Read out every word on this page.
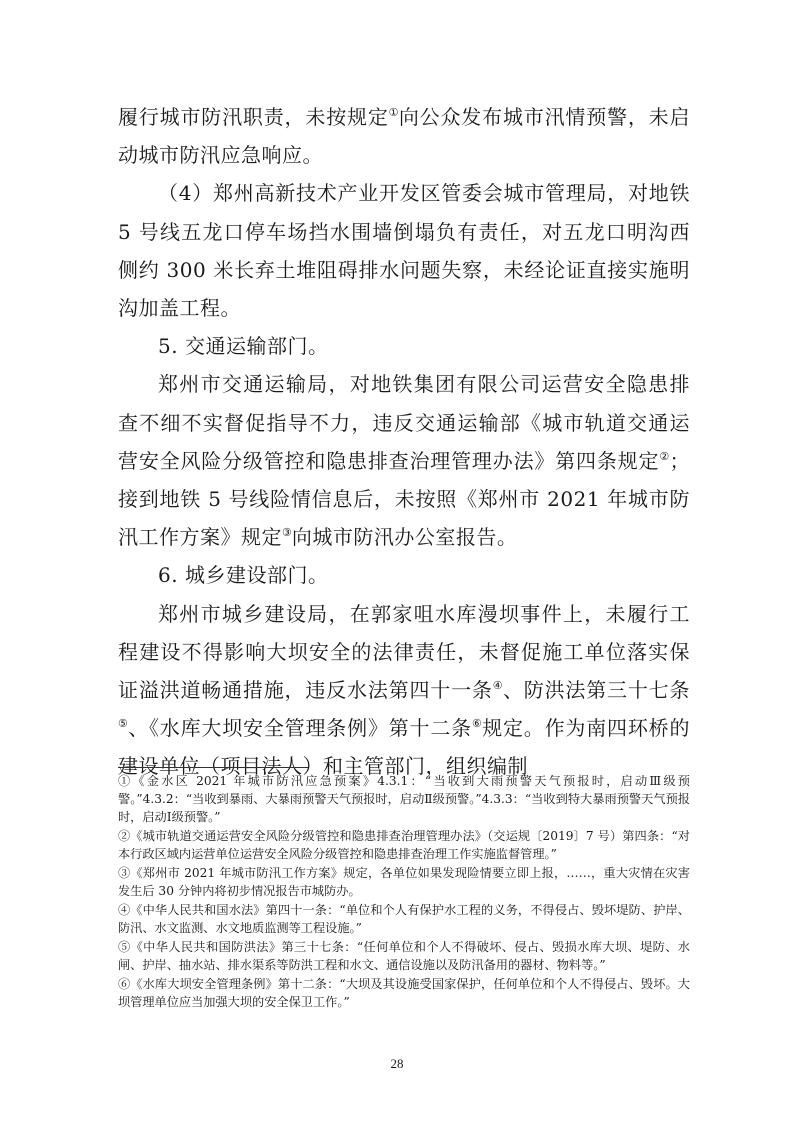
履行城市防汛职责，未按规定①向公众发布城市汛情预警，未启动城市防汛应急响应。

（4）郑州高新技术产业开发区管委会城市管理局，对地铁 5 号线五龙口停车场挡水围墙倒塌负有责任，对五龙口明沟西侧约 300 米长弃土堆阻碍排水问题失察，未经论证直接实施明沟加盖工程。

5. 交通运输部门。

郑州市交通运输局，对地铁集团有限公司运营安全隐患排查不细不实督促指导不力，违反交通运输部《城市轨道交通运营安全风险分级管控和隐患排查治理管理办法》第四条规定②；接到地铁 5 号线险情信息后，未按照《郑州市 2021 年城市防汛工作方案》规定③向城市防汛办公室报告。

6. 城乡建设部门。

郑州市城乡建设局，在郭家咀水库漫坝事件上，未履行工程建设不得影响大坝安全的法律责任，未督促施工单位落实保证溢洪道畅通措施，违反水法第四十一条④、防洪法第三十七条⑤、《水库大坝安全管理条例》第十二条⑥规定。作为南四环桥的建设单位（项目法人）和主管部门，组织编制

①《金水区 2021 年城市防汛应急预案》4.3.1：“当收到大雨预警天气预报时，启动Ⅲ级预警。”4.3.2：“当收到暴雨、大暴雨预警天气预报时，启动Ⅱ级预警。”4.3.3：“当收到特大暴雨预警天气预报时，启动Ⅰ级预警。”

②《城市轨道交通运营安全风险分级管控和隐患排查治理管理办法》（交运规〔2019〕7 号）第四条：“对本行政区域内运营单位运营安全风险分级管控和隐患排查治理工作实施监督管理。”

③《郑州市 2021 年城市防汛工作方案》规定，各单位如果发现险情要立即上报，……，重大灾情在灾害发生后 30 分钟内将初步情况报告市城防办。

④《中华人民共和国水法》第四十一条：“单位和个人有保护水工程的义务，不得侵占、毁坏堤防、护岸、防汛、水文监测、水文地质监测等工程设施。”

⑤《中华人民共和国防洪法》第三十七条：“任何单位和个人不得破坏、侵占、毁损水库大坝、堤防、水闸、护岸、抽水站、排水渠系等防洪工程和水文、通信设施以及防汛备用的器材、物料等。”

⑥《水库大坝安全管理条例》第十二条：“大坝及其设施受国家保护，任何单位和个人不得侵占、毁坏。大坝管理单位应当加强大坝的安全保卫工作。”

28
